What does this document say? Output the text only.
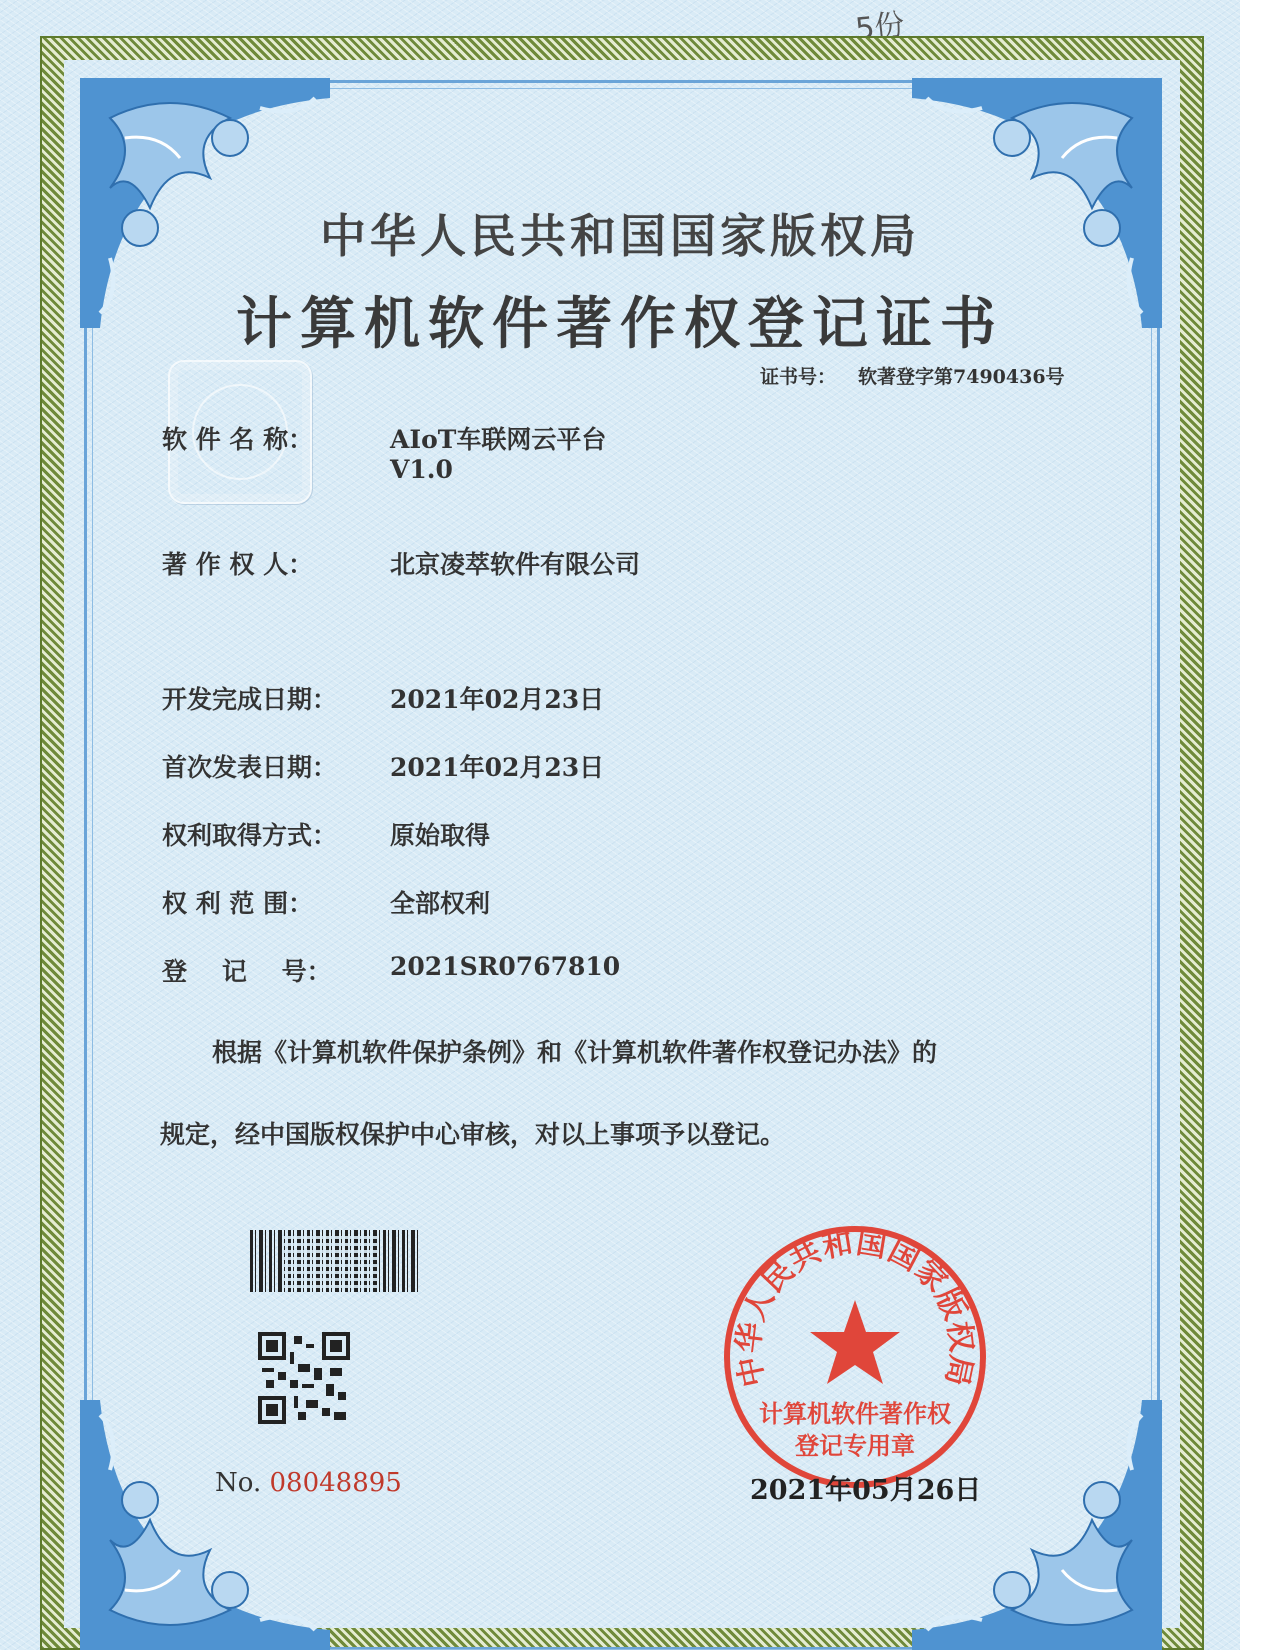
5份
中华人民共和国国家版权局
计算机软件著作权登记证书
证书号： 软著登字第7490436号
软 件 名 称：	AIoT车联网云平台
V1.0
著 作 权 人：	北京凌萃软件有限公司
开发完成日期： 2021年02月23日
首次发表日期： 2021年02月23日
权利取得方式： 原始取得
权 利 范 围：	全部权利
登    记    号： 2021SR0767810
根据《计算机软件保护条例》和《计算机软件著作权登记办法》的
规定，经中国版权保护中心审核，对以上事项予以登记。
No. 08048895
中华人民共和国国家版权局
计算机软件著作权
登记专用章
2021年05月26日
